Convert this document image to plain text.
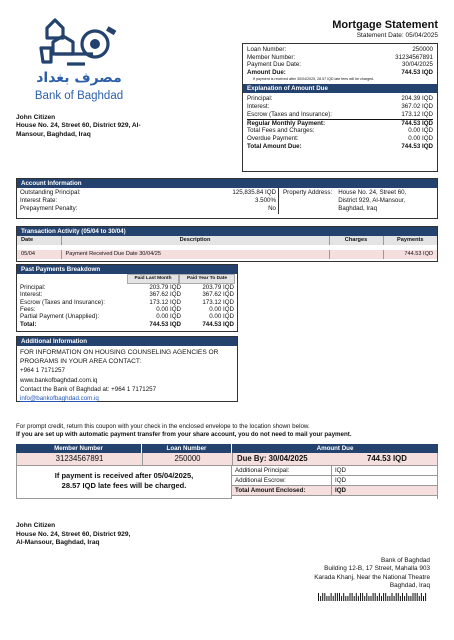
Mortgage Statement
Statement Date: 05/04/2025
مصرف بغداد
Bank of Baghdad
John Citizen
House No. 24, Street 60, District 929, Al-
Mansour, Baghdad, Iraq
Loan Number:	250000
Member Number:	31234567891
Payment Due Date:	30/04/2025
Amount Due:	744.53 IQD
If payment is received after 30/04/2025, 28.57 IQD late fees will be charged.
Explanation of Amount Due
Principal:	204.39 IQD
Interest:	367.02 IQD
Escrow (Taxes and Insurance):	173.12 IQD
Regular Monthly Payment:	744.53 IQD
Total Fees and Charges:	0.00 IQD
Overdue Payment:	0.00 IQD
Total Amount Due:	744.53 IQD
Account Information
Outstanding Principal:	125,835.84 IQD
Interest Rate:	3.500%
Prepayment Penalty:	No
Property Address: House No. 24, Street 60,
District 929, Al-Mansour,
Baghdad, Iraq
Transaction Activity (05/04 to 30/04)
Date	Description	Charges	Payments

05/04	Payment Received Due Date 30/04/25		744.53 IQD
Past Payments Breakdown
Paid Last Month	Paid Year To Date
Principal:	203.79 IQD	203.79 IQD
Interest:	367.62 IQD	367.62 IQD
Escrow (Taxes and Insurance):	173.12 IQD	173.12 IQD
Fees:	0.00 IQD	0.00 IQD
Partial Payment (Unapplied):	0.00 IQD	0.00 IQD
Total:	744.53 IQD	744.53 IQD
Additional Information
FOR INFORMATION ON HOUSING COUNSELING AGENCIES OR
PROGRAMS IN YOUR AREA CONTACT:
+964 1 7171257
www.bankofbaghdad.com.iq
Contact the Bank of Baghdad at: +964 1 7171257
info@bankofbaghdad.com.iq
For prompt credit, return this coupon with your check in the enclosed envelope to the location shown below.
If you are set up with automatic payment transfer from your share account, you do not need to mail your payment.
Member Number	Loan Number	Amount Due
31234567891	250000	Due By: 30/04/2025	744.53 IQD
If payment is received after 05/04/2025,
28.57 IQD late fees will be charged.
Additional Principal:	IQD
Additional Escrow:	IQD
Total Amount Enclosed:	IQD
John Citizen
House No. 24, Street 60, District 929,
Al-Mansour, Baghdad, Iraq
Bank of Baghdad
Building 12-B, 17 Street, Mahalla 903
Karada Khanj, Near the National Theatre
Baghdad, Iraq
